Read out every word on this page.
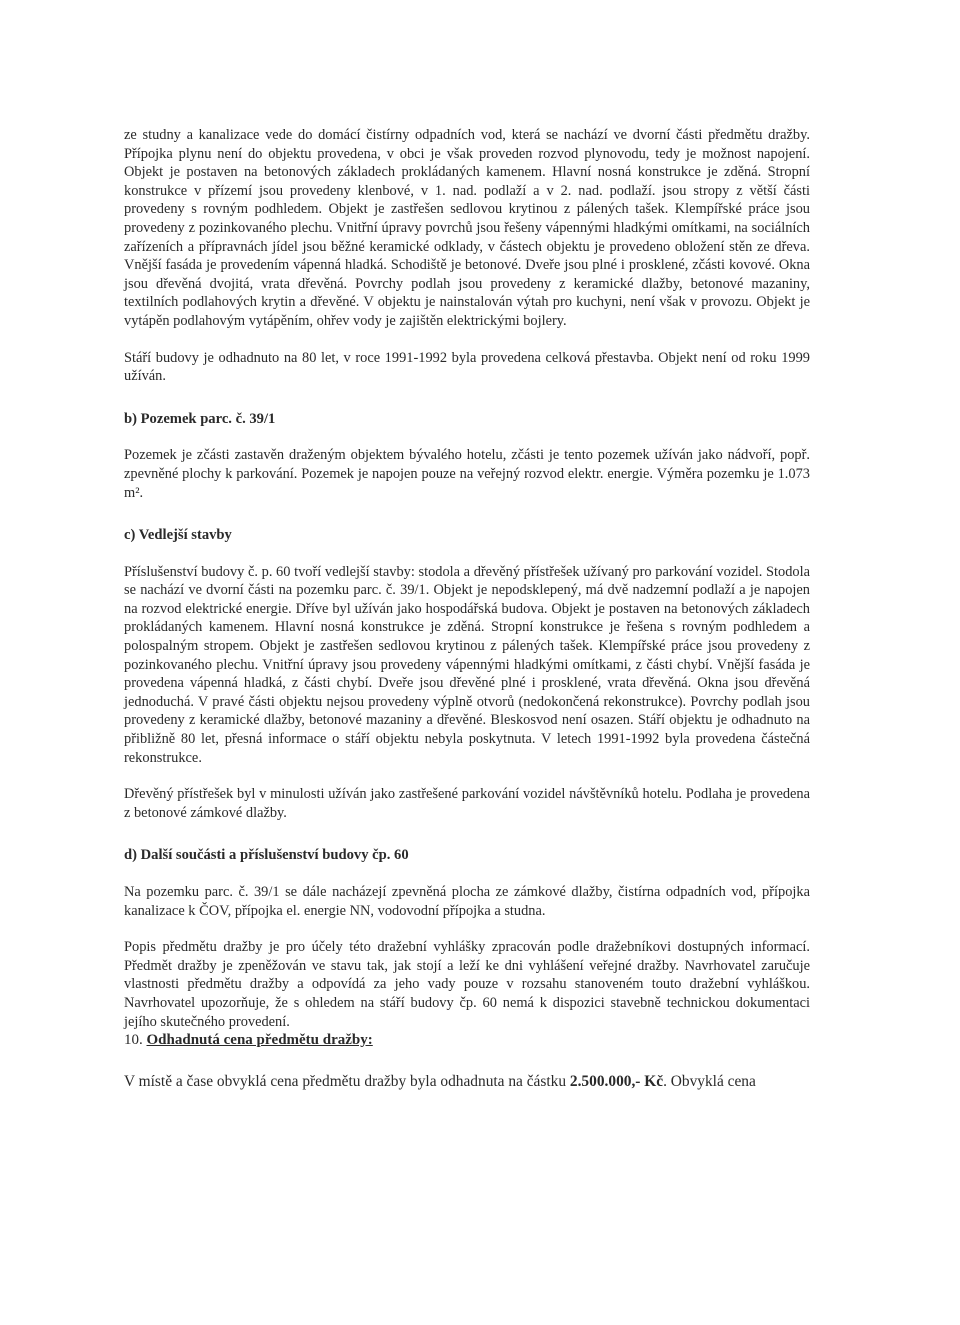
ze studny a kanalizace vede do domácí čistírny odpadních vod, která se nachází ve dvorní části předmětu dražby. Přípojka plynu není do objektu provedena, v obci je však proveden rozvod plynovodu, tedy je možnost napojení. Objekt je postaven na betonových základech prokládaných kamenem. Hlavní nosná konstrukce je zděná. Stropní konstrukce v přízemí jsou provedeny klenbové, v 1. nad. podlaží a v 2. nad. podlaží. jsou stropy z větší části provedeny s rovným podhledem. Objekt je zastřešen sedlovou krytinou z pálených tašek. Klempířské práce jsou provedeny z pozinkovaného plechu. Vnitřní úpravy povrchů jsou řešeny vápennými hladkými omítkami, na sociálních zařízeních a přípravnách jídel jsou běžné keramické odklady, v částech objektu je provedeno obložení stěn ze dřeva. Vnější fasáda je provedením vápenná hladká. Schodiště je betonové. Dveře jsou plné i prosklené, zčásti kovové. Okna jsou dřevěná dvojitá, vrata dřevěná. Povrchy podlah jsou provedeny z keramické dlažby, betonové mazaniny, textilních podlahových krytin a dřevěné. V objektu je nainstalován výtah pro kuchyni, není však v provozu. Objekt je vytápěn podlahovým vytápěním, ohřev vody je zajištěn elektrickými bojlery.

Stáří budovy je odhadnuto na 80 let, v roce 1991-1992 byla provedena celková přestavba. Objekt není od roku 1999 užíván.

b) Pozemek parc. č. 39/1

Pozemek je zčásti zastavěn draženým objektem bývalého hotelu, zčásti je tento pozemek užíván jako nádvoří, popř. zpevněné plochy k parkování. Pozemek je napojen pouze na veřejný rozvod elektr. energie. Výměra pozemku je 1.073 m².

c) Vedlejší stavby

Příslušenství budovy č. p. 60 tvoří vedlejší stavby: stodola a dřevěný přístřešek užívaný pro parkování vozidel. Stodola se nachází ve dvorní části na pozemku parc. č. 39/1. Objekt je nepodsklepený, má dvě nadzemní podlaží a je napojen na rozvod elektrické energie. Dříve byl užíván jako hospodářská budova. Objekt je postaven na betonových základech prokládaných kamenem. Hlavní nosná konstrukce je zděná. Stropní konstrukce je řešena s rovným podhledem a polospalným stropem. Objekt je zastřešen sedlovou krytinou z pálených tašek. Klempířské práce jsou provedeny z pozinkovaného plechu. Vnitřní úpravy jsou provedeny vápennými hladkými omítkami, z části chybí. Vnější fasáda je provedena vápenná hladká, z části chybí. Dveře jsou dřevěné plné i prosklené, vrata dřevěná. Okna jsou dřevěná jednoduchá. V pravé části objektu nejsou provedeny výplně otvorů (nedokončená rekonstrukce). Povrchy podlah jsou provedeny z keramické dlažby, betonové mazaniny a dřevěné. Bleskosvod není osazen. Stáří objektu je odhadnuto na přibližně 80 let, přesná informace o stáří objektu nebyla poskytnuta. V letech 1991-1992 byla provedena částečná rekonstrukce.

Dřevěný přístřešek byl v minulosti užíván jako zastřešené parkování vozidel návštěvníků hotelu. Podlaha je provedena z betonové zámkové dlažby.

d) Další součásti a příslušenství budovy čp. 60

Na pozemku parc. č. 39/1 se dále nacházejí zpevněná plocha ze zámkové dlažby, čistírna odpadních vod, přípojka kanalizace k ČOV, přípojka el. energie NN, vodovodní přípojka a studna.

Popis předmětu dražby je pro účely této dražební vyhlášky zpracován podle dražebníkovi dostupných informací. Předmět dražby je zpeněžován ve stavu tak, jak stojí a leží ke dni vyhlášení veřejné dražby. Navrhovatel zaručuje vlastnosti předmětu dražby a odpovídá za jeho vady pouze v rozsahu stanoveném touto dražební vyhláškou. Navrhovatel upozorňuje, že s ohledem na stáří budovy čp. 60 nemá k dispozici stavebně technickou dokumentaci jejího skutečného provedení.

10. Odhadnutá cena předmětu dražby:

V místě a čase obvyklá cena předmětu dražby byla odhadnuta na částku 2.500.000,- Kč. Obvyklá cena
